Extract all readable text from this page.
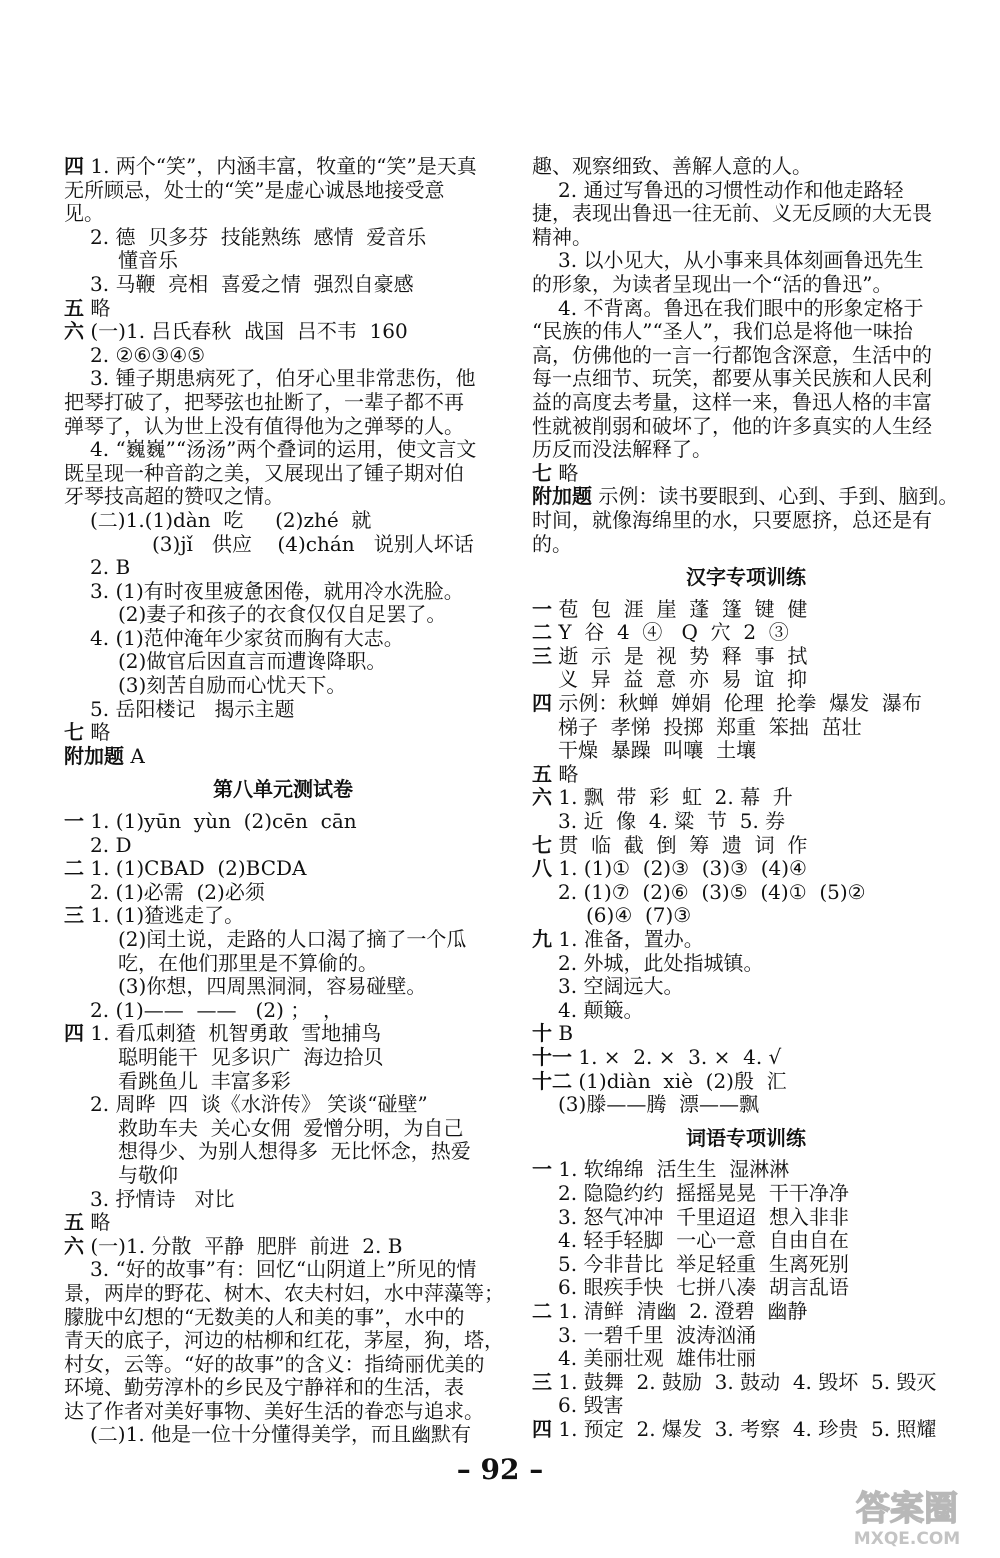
四 1. 两个“笑”，内涵丰富，牧童的“笑”是天真
无所顾忌，处士的“笑”是虚心诚恳地接受意
见。
2. 德  贝多芬  技能熟练  感情  爱音乐
懂音乐
3. 马鞭  亮相  喜爱之情  强烈自豪感
五 略
六 (一)1. 吕氏春秋  战国  吕不韦  160
2. ②⑥③④⑤
3. 锺子期患病死了，伯牙心里非常悲伤，他
把琴打破了，把琴弦也扯断了，一辈子都不再
弹琴了，认为世上没有值得他为之弹琴的人。
4. “巍巍”“汤汤”两个叠词的运用，使文言文
既呈现一种音韵之美，又展现出了锺子期对伯
牙琴技高超的赞叹之情。
(二)1.(1)dàn  吃     (2)zhé  就
(3)jǐ   供应    (4)chán   说别人坏话
2. B
3. (1)有时夜里疲惫困倦，就用冷水洗脸。
(2)妻子和孩子的衣食仅仅自足罢了。
4. (1)范仲淹年少家贫而胸有大志。
(2)做官后因直言而遭谗降职。
(3)刻苦自励而心忧天下。
5. 岳阳楼记   揭示主题
七 略
附加题 A
第八单元测试卷
一 1. (1)yūn  yùn  (2)cēn  cān
2. D
二 1. (1)CBAD  (2)BCDA
2. (1)必需  (2)必须
三 1. (1)猹逃走了。
(2)闰土说，走路的人口渴了摘了一个瓜
吃，在他们那里是不算偷的。
(3)你想，四周黑洞洞，容易碰壁。
2. (1)——  ——   (2) ；  ，
四 1. 看瓜刺猹  机智勇敢  雪地捕鸟
聪明能干  见多识广  海边拾贝
看跳鱼儿  丰富多彩
2. 周晔  四  谈《水浒传》 笑谈“碰壁”
救助车夫  关心女佣  爱憎分明，为自己
想得少、为别人想得多  无比怀念，热爱
与敬仰
3. 抒情诗   对比
五 略
六 (一)1. 分散  平静  肥胖  前进  2. B
3. “好的故事”有：回忆“山阴道上”所见的情
景，两岸的野花、树木、农夫村妇，水中萍藻等；
朦胧中幻想的“无数美的人和美的事”，水中的
青天的底子，河边的枯柳和红花，茅屋，狗，塔，
村女，云等。“好的故事”的含义：指绮丽优美的
环境、勤劳淳朴的乡民及宁静祥和的生活，表
达了作者对美好事物、美好生活的眷恋与追求。
(二)1. 他是一位十分懂得美学，而且幽默有
趣、观察细致、善解人意的人。
2. 通过写鲁迅的习惯性动作和他走路轻
捷，表现出鲁迅一往无前、义无反顾的大无畏
精神。
3. 以小见大，从小事来具体刻画鲁迅先生
的形象，为读者呈现出一个“活的鲁迅”。
4. 不背离。鲁迅在我们眼中的形象定格于
“民族的伟人”“圣人”，我们总是将他一味抬
高，仿佛他的一言一行都饱含深意，生活中的
每一点细节、玩笑，都要从事关民族和人民利
益的高度去考量，这样一来，鲁迅人格的丰富
性就被削弱和破坏了，他的许多真实的人生经
历反而没法解释了。
七 略
附加题 示例：读书要眼到、心到、手到、脑到。
时间，就像海绵里的水，只要愿挤，总还是有
的。
汉字专项训练
一 苞  包  涯  崖  蓬  篷  键  健
二 Y  谷  4  ④   Q  穴  2  ③
三 逝  示  是  视  势  释  事  拭
义  异  益  意  亦  易  谊  抑
四 示例：秋蝉  婵娟  伦理  抡拳  爆发  瀑布
梯子  孝悌  投掷  郑重  笨拙  茁壮
干燥  暴躁  叫嚷  土壤
五 略
六 1. 飘  带  彩  虹  2. 幕  升
3. 近  像  4. 粱  节  5. 券
七 贯  临  截  倒  筹  遗  词  作
八 1. (1)①  (2)③  (3)③  (4)④
2. (1)⑦  (2)⑥  (3)⑤  (4)①  (5)②
(6)④  (7)③
九 1. 准备，置办。
2. 外城，此处指城镇。
3. 空阔远大。
4. 颠簸。
十 B
十一 1. ×  2. ×  3. ×  4. √
十二 (1)diàn  xiè  (2)殷  汇
(3)滕——腾  漂——飘
词语专项训练
一 1. 软绵绵  活生生  湿淋淋
2. 隐隐约约  摇摇晃晃  干干净净
3. 怒气冲冲  千里迢迢  想入非非
4. 轻手轻脚  一心一意  自由自在
5. 今非昔比  举足轻重  生离死别
6. 眼疾手快  七拼八凑  胡言乱语
二 1. 清鲜  清幽  2. 澄碧  幽静
3. 一碧千里  波涛汹涌
4. 美丽壮观  雄伟壮丽
三 1. 鼓舞  2. 鼓励  3. 鼓动  4. 毁坏  5. 毁灭
6. 毁害
四 1. 预定  2. 爆发  3. 考察  4. 珍贵  5. 照耀
– 92 –
答案圈
MXQE.COM
